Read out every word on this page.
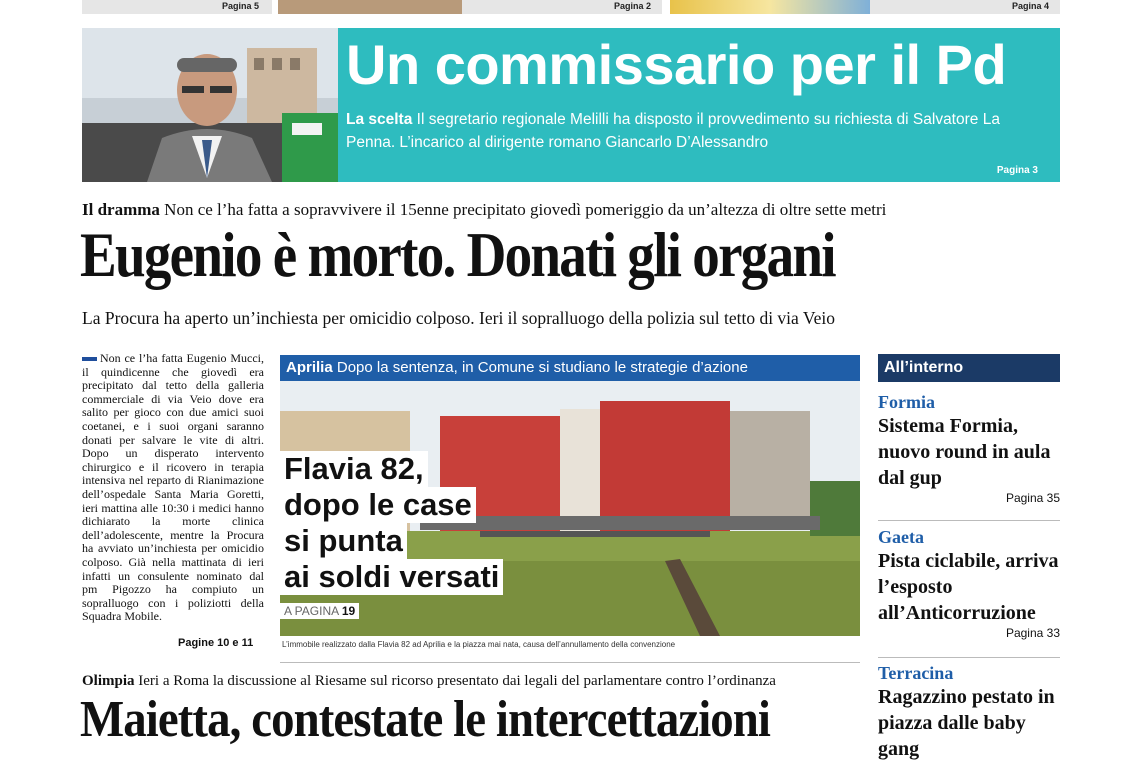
Pagina 5	Pagina 2	Pagina 4
Un commissario per il Pd
La scelta Il segretario regionale Melilli ha disposto il provvedimento su richiesta di Salvatore La Penna. L’incarico al dirigente romano Giancarlo D’Alessandro
Pagina 3
Il dramma Non ce l’ha fatta a sopravvivere il 15enne precipitato giovedì pomeriggio da un’altezza di oltre sette metri
Eugenio è morto. Donati gli organi
La Procura ha aperto un’inchiesta per omicidio colposo. Ieri il sopralluogo della polizia sul tetto di via Veio
Non ce l’ha fatta Eugenio Mucci, il quindicenne che giovedì era precipitato dal tetto della galleria commerciale di via Veio dove era salito per gioco con due amici suoi coetanei, e i suoi organi saranno donati per salvare le vite di altri. Dopo un disperato intervento chirurgico e il ricovero in terapia intensiva nel reparto di Rianimazione dell’ospedale Santa Maria Goretti, ieri mattina alle 10:30 i medici hanno dichiarato la morte clinica dell’adolescente, mentre la Procura ha avviato un’inchiesta per omicidio colposo. Già nella mattinata di ieri infatti un consulente nominato dal pm Pigozzo ha compiuto un sopralluogo con i poliziotti della Squadra Mobile.
Pagine 10 e 11
Aprilia Dopo la sentenza, in Comune si studiano le strategie d’azione
Flavia 82,
dopo le case
si punta
ai soldi versati
A PAGINA 19
L’immobile realizzato dalla Flavia 82 ad Aprilia e la piazza mai nata, causa dell’annullamento della convenzione
All’interno
Formia
Sistema Formia, nuovo round in aula dal gup
Pagina 35
Gaeta
Pista ciclabile, arriva l’esposto all’Anticorruzione
Pagina 33
Terracina
Ragazzino pestato in piazza dalle baby gang
Olimpia Ieri a Roma la discussione al Riesame sul ricorso presentato dai legali del parlamentare contro l’ordinanza
Maietta, contestate le intercettazioni
